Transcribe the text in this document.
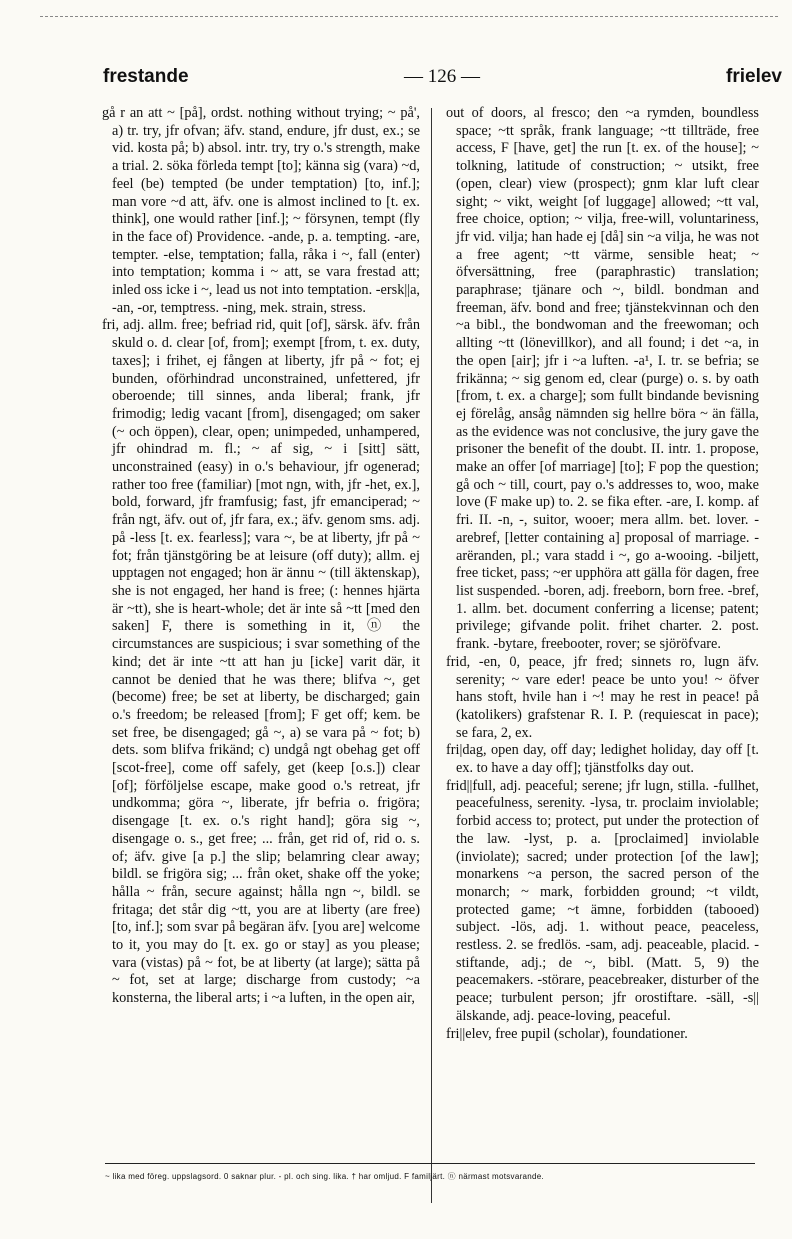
frestande	— 126 —	frielev

gå r an att ~ [på], ordst. nothing without trying; ~ på', a) tr. try, jfr ofvan; äfv. stand, endure, jfr dust, ex.; se vid. kosta på; b) absol. intr. try, try o.'s strength, make a trial. 2. söka förleda tempt [to]; känna sig (vara) ~d, feel (be) tempted (be under temptation) [to, inf.]; man vore ~d att, äfv. one is almost inclined to [t. ex. think], one would rather [inf.]; ~ försynen, tempt (fly in the face of) Providence. -ande, p. a. tempting. -are, tempter. -else, temptation; falla, råka i ~, fall (enter) into temptation; komma i ~ att, se vara frestad att; inled oss icke i ~, lead us not into temptation. -ersk||a, -an, -or, temptress. -ning, mek. strain, stress.

fri, adj. allm. free; befriad rid, quit [of], särsk. äfv. från skuld o. d. clear [of, from]; exempt [from, t. ex. duty, taxes]; i frihet, ej fången at liberty, jfr på ~ fot; ej bunden, oförhindrad unconstrained, unfettered, jfr oberoende; till sinnes, anda liberal; frank, jfr frimodig; ledig vacant [from], disengaged; om saker (~ och öppen), clear, open; unimpeded, unhampered, jfr ohindrad m. fl.; ~ af sig, ~ i [sitt] sätt, unconstrained (easy) in o.'s behaviour, jfr ogenerad; rather too free (familiar) [mot ngn, with, jfr -het, ex.], bold, forward, jfr framfusig; fast, jfr emanciperad; ~ från ngt, äfv. out of, jfr fara, ex.; äfv. genom sms. adj. på -less [t. ex. fearless]; vara ~, be at liberty, jfr på ~ fot; från tjänstgöring be at leisure (off duty); allm. ej upptagen not engaged; hon är ännu ~ (till äktenskap), she is not engaged, her hand is free; (: hennes hjärta är ~tt), she is heart-whole; det är inte så ~tt [med den saken] F, there is something in it, ⓝ the circumstances are suspicious; i svar something of the kind; det är inte ~tt att han ju [icke] varit där, it cannot be denied that he was there; blifva ~, get (become) free; be set at liberty, be discharged; gain o.'s freedom; be released [from]; F get off; kem. be set free, be disengaged; gå ~, a) se vara på ~ fot; b) dets. som blifva frikänd; c) undgå ngt obehag get off [scot-free], come off safely, get (keep [o.s.]) clear [of]; förföljelse escape, make good o.'s retreat, jfr undkomma; göra ~, liberate, jfr befria o. frigöra; disengage [t. ex. o.'s right hand]; göra sig ~, disengage o. s., get free; ... från, get rid of, rid o. s. of; äfv. give [a p.] the slip; belamring clear away; bildl. se frigöra sig; ... från oket, shake off the yoke; hålla ~ från, secure against; hålla ngn ~, bildl. se fritaga; det står dig ~tt, you are at liberty (are free) [to, inf.]; som svar på begäran äfv. [you are] welcome to it, you may do [t. ex. go or stay] as you please; vara (vistas) på ~ fot, be at liberty (at large); sätta på ~ fot, set at large; discharge from custody; ~a konsterna, the liberal arts; i ~a luften, in the open air,

out of doors, al fresco; den ~a rymden, boundless space; ~tt språk, frank language; ~tt tillträde, free access, F [have, get] the run [t. ex. of the house]; ~ tolkning, latitude of construction; ~ utsikt, free (open, clear) view (prospect); gnm klar luft clear sight; ~ vikt, weight [of luggage] allowed; ~tt val, free choice, option; ~ vilja, free-will, voluntariness, jfr vid. vilja; han hade ej [då] sin ~a vilja, he was not a free agent; ~tt värme, sensible heat; ~ öfversättning, free (paraphrastic) translation; paraphrase; tjänare och ~, bildl. bondman and freeman, äfv. bond and free; tjänstekvinnan och den ~a bibl., the bondwoman and the freewoman; och allting ~tt (lönevillkor), and all found; i det ~a, in the open [air]; jfr i ~a luften. -a¹, I. tr. se befria; se frikänna; ~ sig genom ed, clear (purge) o. s. by oath [from, t. ex. a charge]; som fullt bindande bevisning ej förelåg, ansåg nämnden sig hellre böra ~ än fälla, as the evidence was not conclusive, the jury gave the prisoner the benefit of the doubt. II. intr. 1. propose, make an offer [of marriage] [to]; F pop the question; gå och ~ till, court, pay o.'s addresses to, woo, make love (F make up) to. 2. se fika efter. -are, I. komp. af fri. II. -n, -, suitor, wooer; mera allm. bet. lover. -arebref, [letter containing a] proposal of marriage. -arëranden, pl.; vara stadd i ~, go a-wooing. -biljett, free ticket, pass; ~er upphöra att gälla för dagen, free list suspended. -boren, adj. freeborn, born free. -bref, 1. allm. bet. document conferring a license; patent; privilege; gifvande polit. frihet charter. 2. post. frank. -bytare, freebooter, rover; se sjöröfvare.

frid, -en, 0, peace, jfr fred; sinnets ro, lugn äfv. serenity; ~ vare eder! peace be unto you! ~ öfver hans stoft, hvile han i ~! may he rest in peace! på (katolikers) grafstenar R. I. P. (requiescat in pace); se fara, 2, ex.

fri|dag, open day, off day; ledighet holiday, day off [t. ex. to have a day off]; tjänstfolks day out.

frid||full, adj. peaceful; serene; jfr lugn, stilla. -fullhet, peacefulness, serenity. -lysa, tr. proclaim inviolable; forbid access to; protect, put under the protection of the law. -lyst, p. a. [proclaimed] inviolable (inviolate); sacred; under protection [of the law]; monarkens ~a person, the sacred person of the monarch; ~ mark, forbidden ground; ~t vildt, protected game; ~t ämne, forbidden (tabooed) subject. -lös, adj. 1. without peace, peaceless, restless. 2. se fredlös. -sam, adj. peaceable, placid. -stiftande, adj.; de ~, bibl. (Matt. 5, 9) the peacemakers. -störare, peacebreaker, disturber of the peace; turbulent person; jfr orostiftare. -säll, -s||älskande, adj. peace-loving, peaceful.

fri||elev, free pupil (scholar), foundationer.

~ lika med föreg. uppslagsord. 0 saknar plur. - pl. och sing. lika. † har omljud. F familjärt. ⓝ närmast motsvarande.
